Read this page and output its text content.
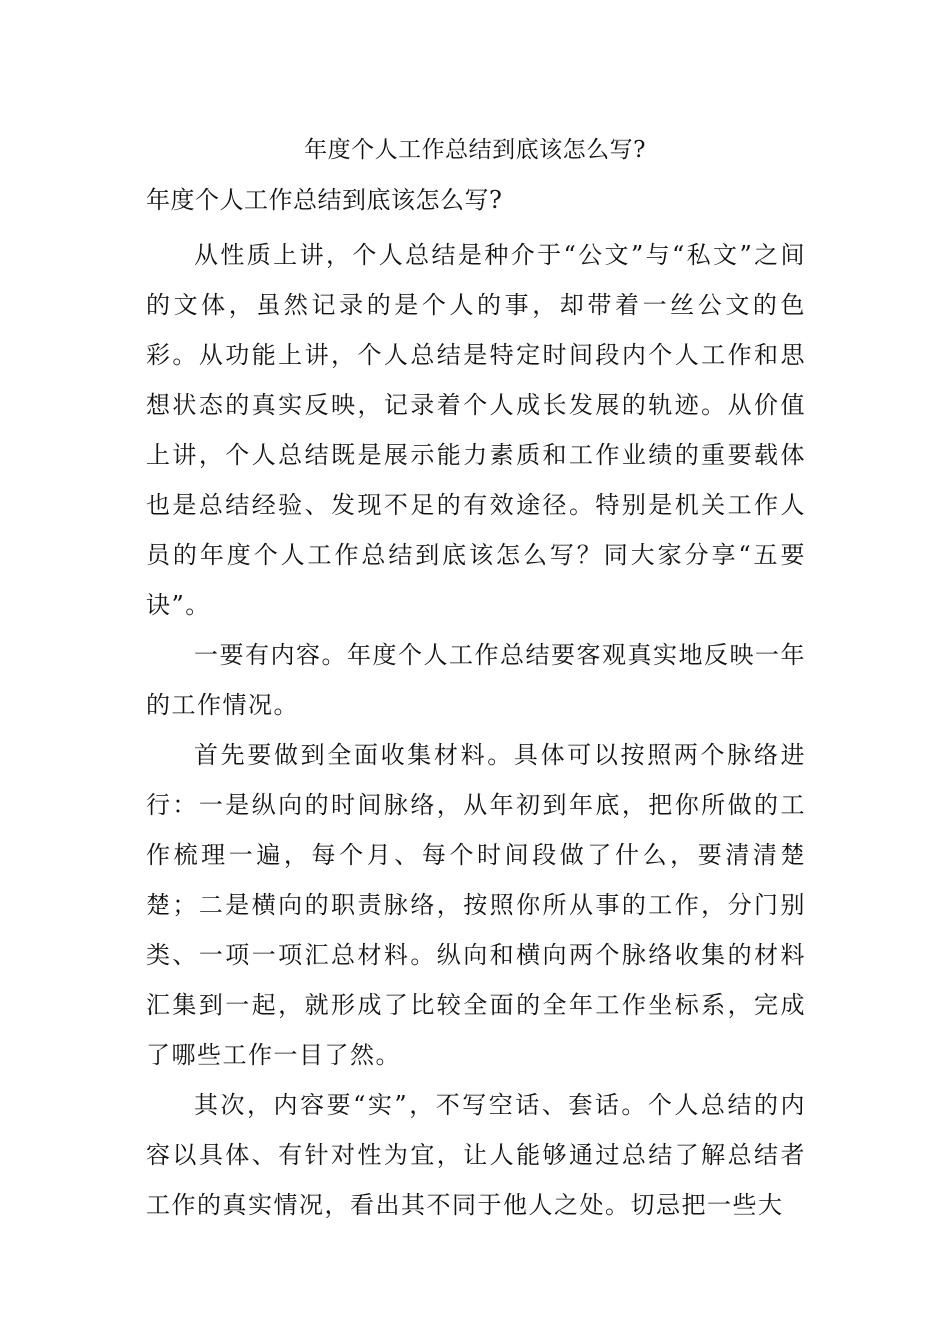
年度个人工作总结到底该怎么写?
年度个人工作总结到底该怎么写?

从性质上讲，个人总结是种介于“公文”与“私文”之间的文体，虽然记录的是个人的事，却带着一丝公文的色彩。从功能上讲，个人总结是特定时间段内个人工作和思想状态的真实反映，记录着个人成长发展的轨迹。从价值上讲，个人总结既是展示能力素质和工作业绩的重要载体也是总结经验、发现不足的有效途径。特别是机关工作人员的年度个人工作总结到底该怎么写？同大家分享“五要诀”。

一要有内容。年度个人工作总结要客观真实地反映一年的工作情况。

首先要做到全面收集材料。具体可以按照两个脉络进行：一是纵向的时间脉络，从年初到年底，把你所做的工作梳理一遍，每个月、每个时间段做了什么，要清清楚楚；二是横向的职责脉络，按照你所从事的工作，分门别类、一项一项汇总材料。纵向和横向两个脉络收集的材料汇集到一起，就形成了比较全面的全年工作坐标系，完成了哪些工作一目了然。

其次，内容要“实”，不写空话、套话。个人总结的内容以具体、有针对性为宜，让人能够通过总结了解总结者工作的真实情况，看出其不同于他人之处。切忌把一些大
